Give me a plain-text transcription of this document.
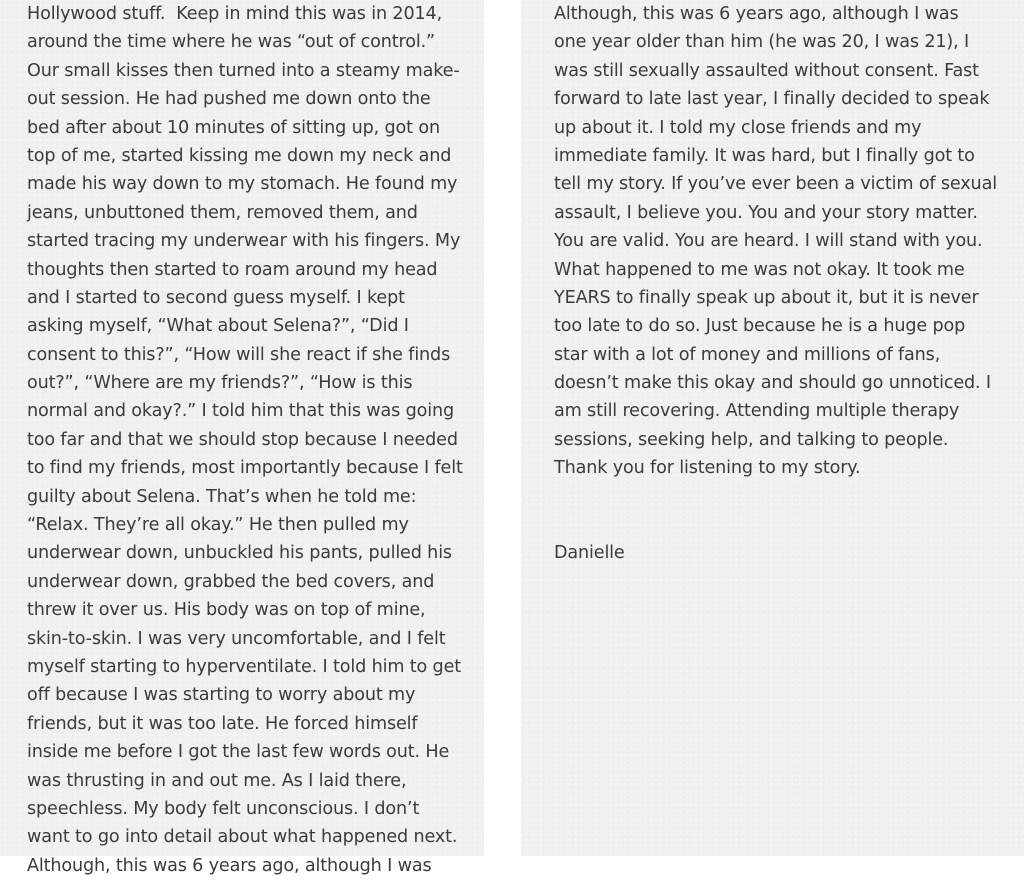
Hollywood stuff.  Keep in mind this was in 2014,
around the time where he was “out of control.”
Our small kisses then turned into a steamy make-
out session. He had pushed me down onto the
bed after about 10 minutes of sitting up, got on
top of me, started kissing me down my neck and
made his way down to my stomach. He found my
jeans, unbuttoned them, removed them, and
started tracing my underwear with his fingers. My
thoughts then started to roam around my head
and I started to second guess myself. I kept
asking myself, “What about Selena?”, “Did I
consent to this?”, “How will she react if she finds
out?”, “Where are my friends?”, “How is this
normal and okay?.” I told him that this was going
too far and that we should stop because I needed
to find my friends, most importantly because I felt
guilty about Selena. That’s when he told me:
“Relax. They’re all okay.” He then pulled my
underwear down, unbuckled his pants, pulled his
underwear down, grabbed the bed covers, and
threw it over us. His body was on top of mine,
skin-to-skin. I was very uncomfortable, and I felt
myself starting to hyperventilate. I told him to get
off because I was starting to worry about my
friends, but it was too late. He forced himself
inside me before I got the last few words out. He
was thrusting in and out me. As I laid there,
speechless. My body felt unconscious. I don’t
want to go into detail about what happened next.
Although, this was 6 years ago, although I was
Although, this was 6 years ago, although I was
one year older than him (he was 20, I was 21), I
was still sexually assaulted without consent. Fast
forward to late last year, I finally decided to speak
up about it. I told my close friends and my
immediate family. It was hard, but I finally got to
tell my story. If you’ve ever been a victim of sexual
assault, I believe you. You and your story matter.
You are valid. You are heard. I will stand with you.
What happened to me was not okay. It took me
YEARS to finally speak up about it, but it is never
too late to do so. Just because he is a huge pop
star with a lot of money and millions of fans,
doesn’t make this okay and should go unnoticed. I
am still recovering. Attending multiple therapy
sessions, seeking help, and talking to people.
Thank you for listening to my story.
Danielle
